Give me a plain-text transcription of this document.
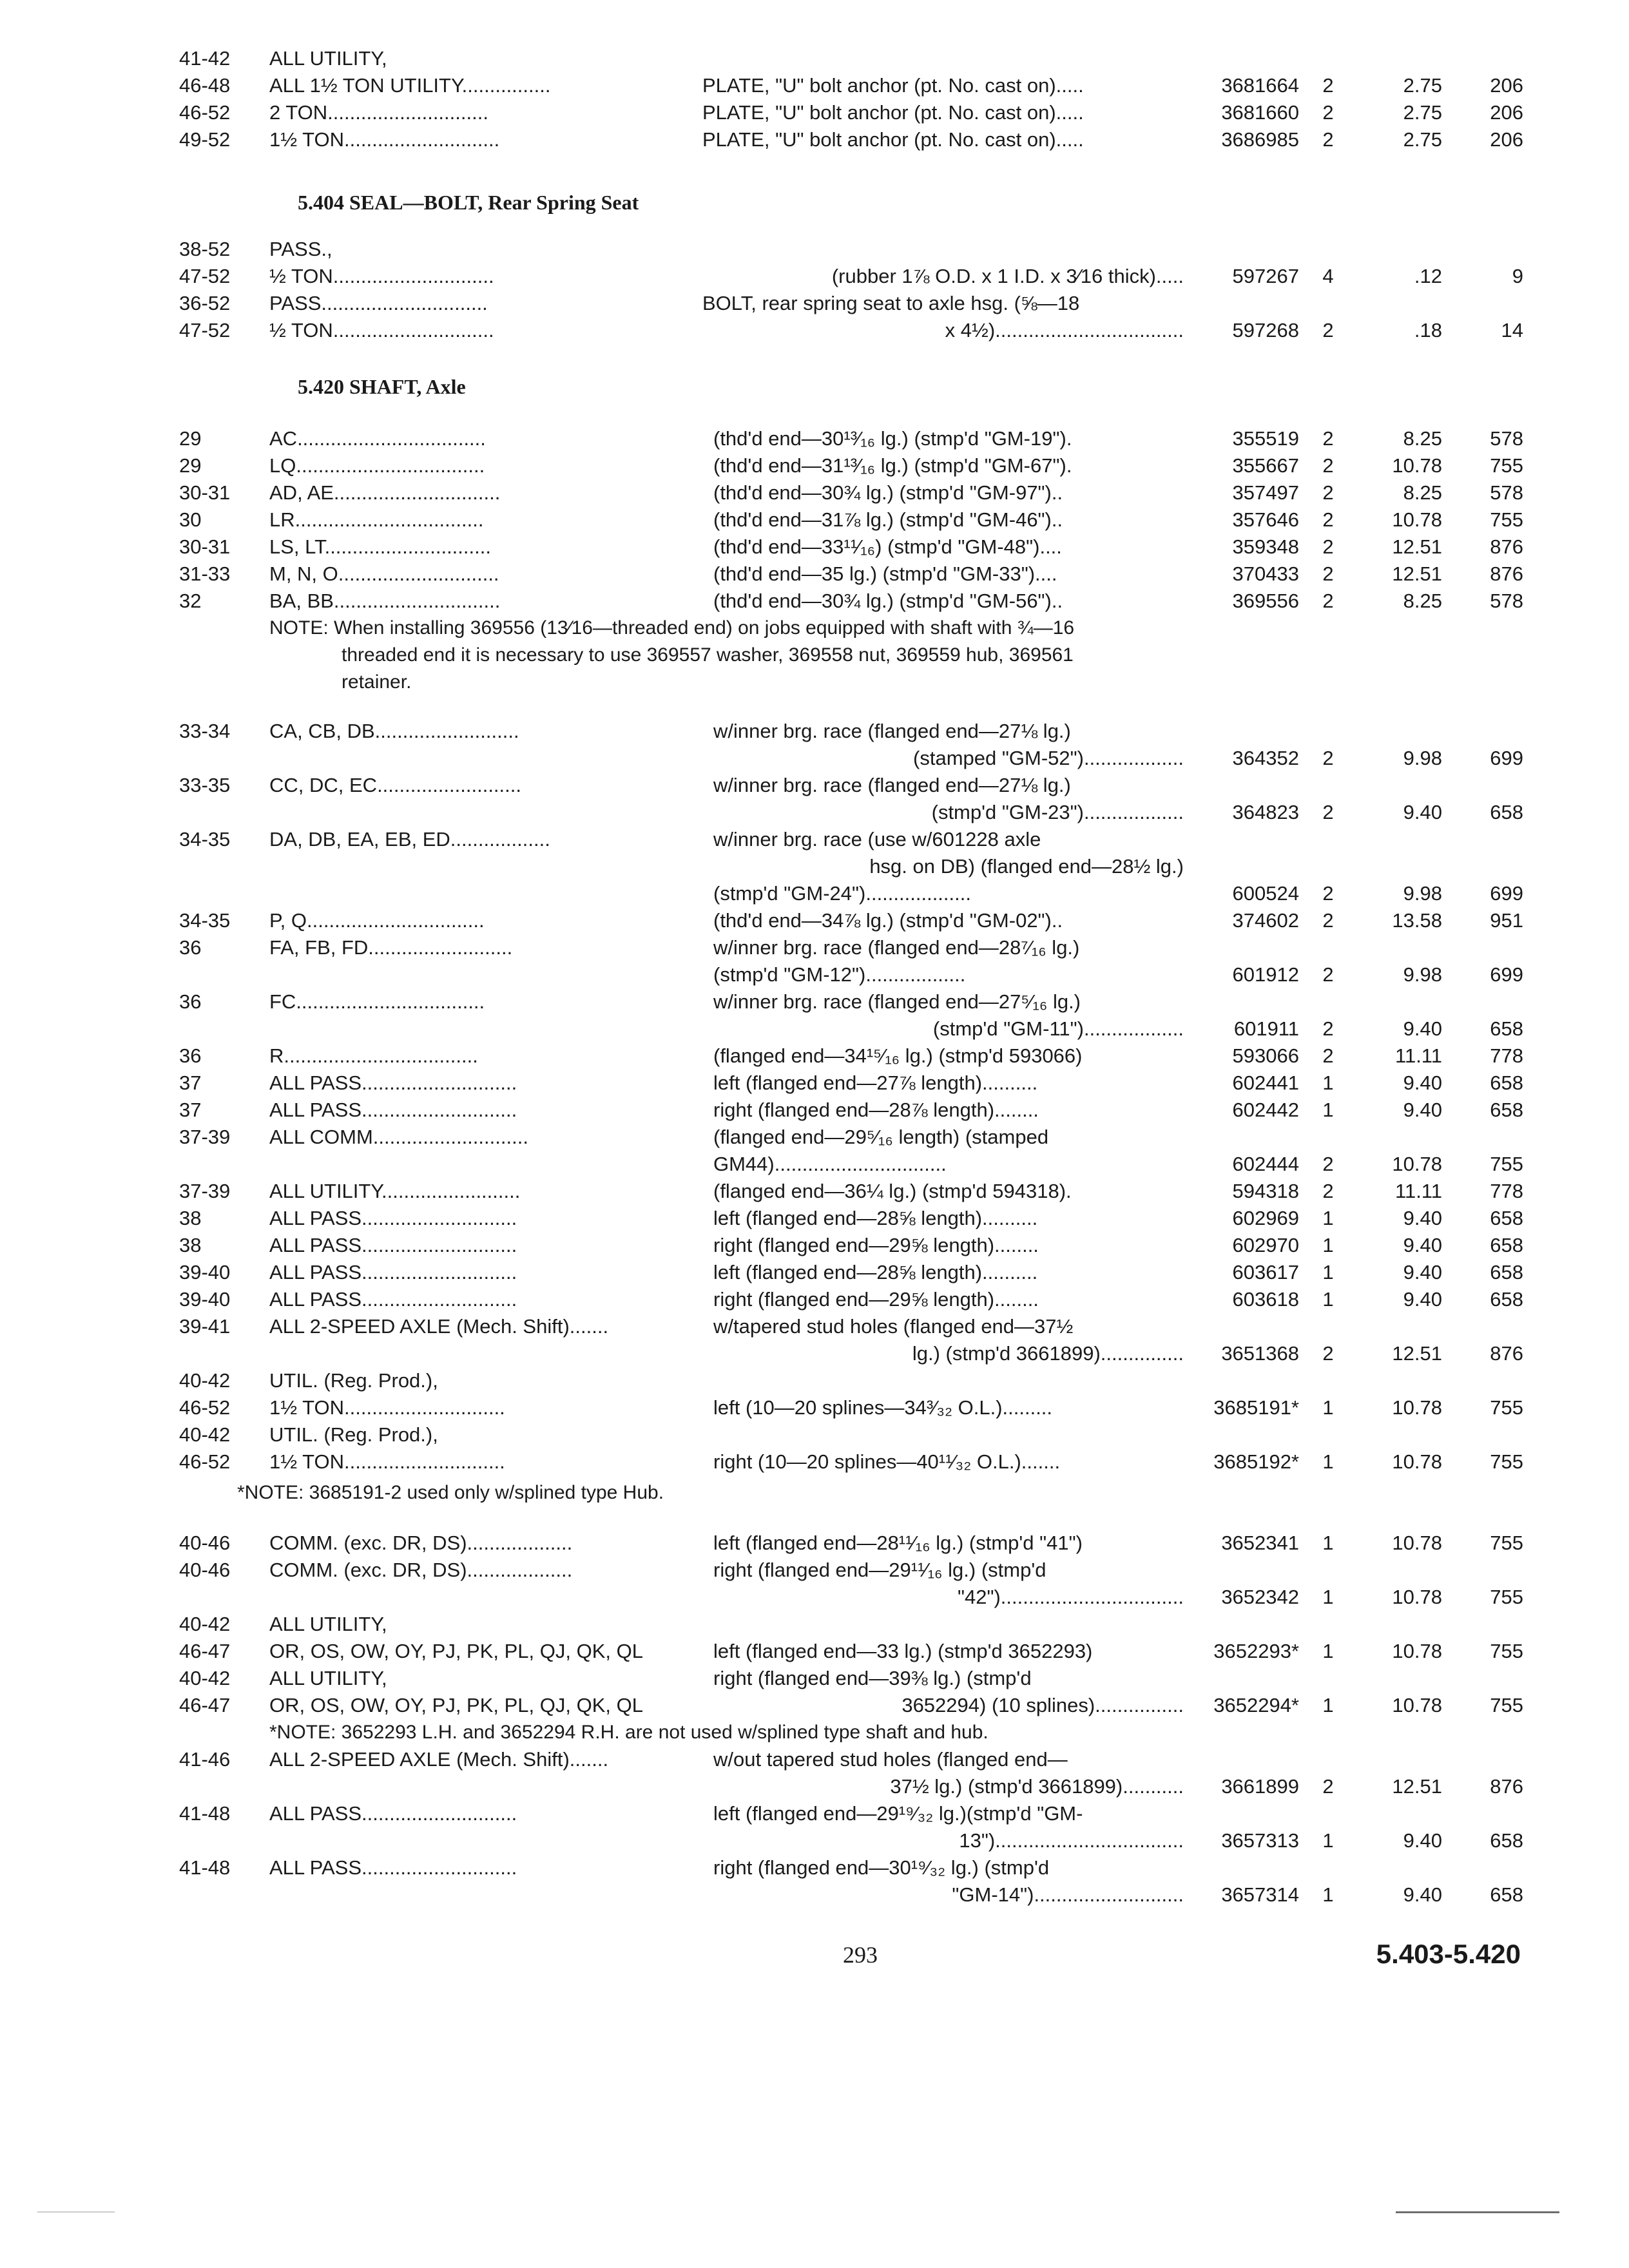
41-42	ALL UTILITY,
46-48	ALL 1½ TON UTILITY................	PLATE, "U" bolt anchor (pt. No. cast on).....	3681664	2	2.75	206
46-52	2 TON.............................	PLATE, "U" bolt anchor (pt. No. cast on).....	3681660	2	2.75	206
49-52	1½ TON............................	PLATE, "U" bolt anchor (pt. No. cast on).....	3686985	2	2.75	206
5.404 SEAL—BOLT, Rear Spring Seat
38-52	PASS.,
47-52	½ TON.............................	(rubber 1⅞ O.D. x 1 I.D. x 3⁄16 thick).....	597267	4	.12	9
36-52	PASS..............................	BOLT, rear spring seat to axle hsg. (⅝—18
47-52	½ TON.............................	x 4½)..................................	597268	2	.18	14
5.420 SHAFT, Axle
29	AC..................................	(thd'd end—30¹³⁄₁₆ lg.) (stmp'd "GM-19").	355519	2	8.25	578
29	LQ..................................	(thd'd end—31¹³⁄₁₆ lg.) (stmp'd "GM-67").	355667	2	10.78	755
30-31	AD, AE..............................	(thd'd end—30¾ lg.) (stmp'd "GM-97")..	357497	2	8.25	578
30	LR..................................	(thd'd end—31⅞ lg.) (stmp'd "GM-46")..	357646	2	10.78	755
30-31	LS, LT..............................	(thd'd end—33¹¹⁄₁₆) (stmp'd "GM-48")....	359348	2	12.51	876
31-33	M, N, O.............................	(thd'd end—35 lg.) (stmp'd "GM-33")....	370433	2	12.51	876
32	BA, BB..............................	(thd'd end—30¾ lg.) (stmp'd "GM-56")..	369556	2	8.25	578
NOTE: When installing 369556 (13⁄16—threaded end) on jobs equipped with shaft with ¾—16
threaded end it is necessary to use 369557 washer, 369558 nut, 369559 hub, 369561
retainer.
33-34	CA, CB, DB..........................	w/inner brg. race (flanged end—27⅛ lg.)
(stamped "GM-52")..................	364352	2	9.98	699
33-35	CC, DC, EC..........................	w/inner brg. race (flanged end—27⅛ lg.)
(stmp'd "GM-23")..................	364823	2	9.40	658
34-35	DA, DB, EA, EB, ED..................	w/inner brg. race (use w/601228 axle
hsg. on DB) (flanged end—28½ lg.)
(stmp'd "GM-24")...................	600524	2	9.98	699
34-35	P, Q................................	(thd'd end—34⅞ lg.) (stmp'd "GM-02")..	374602	2	13.58	951
36	FA, FB, FD..........................	w/inner brg. race (flanged end—28⁷⁄₁₆ lg.)
(stmp'd "GM-12")..................	601912	2	9.98	699
36	FC..................................	w/inner brg. race (flanged end—27⁵⁄₁₆ lg.)
(stmp'd "GM-11")..................	601911	2	9.40	658
36	R...................................	(flanged end—34¹⁵⁄₁₆ lg.) (stmp'd 593066)	593066	2	11.11	778
37	ALL PASS............................	left (flanged end—27⅞ length)..........	602441	1	9.40	658
37	ALL PASS............................	right (flanged end—28⅞ length)........	602442	1	9.40	658
37-39	ALL COMM............................	(flanged end—29⁵⁄₁₆ length) (stamped
GM44)...............................	602444	2	10.78	755
37-39	ALL UTILITY.........................	(flanged end—36¼ lg.) (stmp'd 594318).	594318	2	11.11	778
38	ALL PASS............................	left (flanged end—28⅝ length)..........	602969	1	9.40	658
38	ALL PASS............................	right (flanged end—29⅝ length)........	602970	1	9.40	658
39-40	ALL PASS............................	left (flanged end—28⅝ length)..........	603617	1	9.40	658
39-40	ALL PASS............................	right (flanged end—29⅝ length)........	603618	1	9.40	658
39-41	ALL 2-SPEED AXLE (Mech. Shift).......	w/tapered stud holes (flanged end—37½
lg.) (stmp'd 3661899)...............	3651368	2	12.51	876
40-42	UTIL. (Reg. Prod.),
46-52	1½ TON.............................	left (10—20 splines—34³⁄₃₂ O.L.).........	3685191*	1	10.78	755
40-42	UTIL. (Reg. Prod.),
46-52	1½ TON.............................	right (10—20 splines—40¹¹⁄₃₂ O.L.).......	3685192*	1	10.78	755
*NOTE: 3685191-2 used only w/splined type Hub.
40-46	COMM. (exc. DR, DS)...................	left (flanged end—28¹¹⁄₁₆ lg.) (stmp'd "41")	3652341	1	10.78	755
40-46	COMM. (exc. DR, DS)...................	right (flanged end—29¹¹⁄₁₆ lg.) (stmp'd
"42").................................	3652342	1	10.78	755
40-42	ALL UTILITY,
46-47	OR, OS, OW, OY, PJ, PK, PL, QJ, QK, QL	left (flanged end—33 lg.) (stmp'd 3652293)	3652293*	1	10.78	755
40-42	ALL UTILITY,	right (flanged end—39⅜ lg.) (stmp'd
46-47	OR, OS, OW, OY, PJ, PK, PL, QJ, QK, QL	3652294) (10 splines)................	3652294*	1	10.78	755
*NOTE: 3652293 L.H. and 3652294 R.H. are not used w/splined type shaft and hub.
41-46	ALL 2-SPEED AXLE (Mech. Shift).......	w/out tapered stud holes (flanged end—
37½ lg.) (stmp'd 3661899)...........	3661899	2	12.51	876
41-48	ALL PASS............................	left (flanged end—29¹⁹⁄₃₂ lg.)(stmp'd "GM-
13")..................................	3657313	1	9.40	658
41-48	ALL PASS............................	right (flanged end—30¹⁹⁄₃₂ lg.) (stmp'd
"GM-14")...........................	3657314	1	9.40	658
293	5.403-5.420
